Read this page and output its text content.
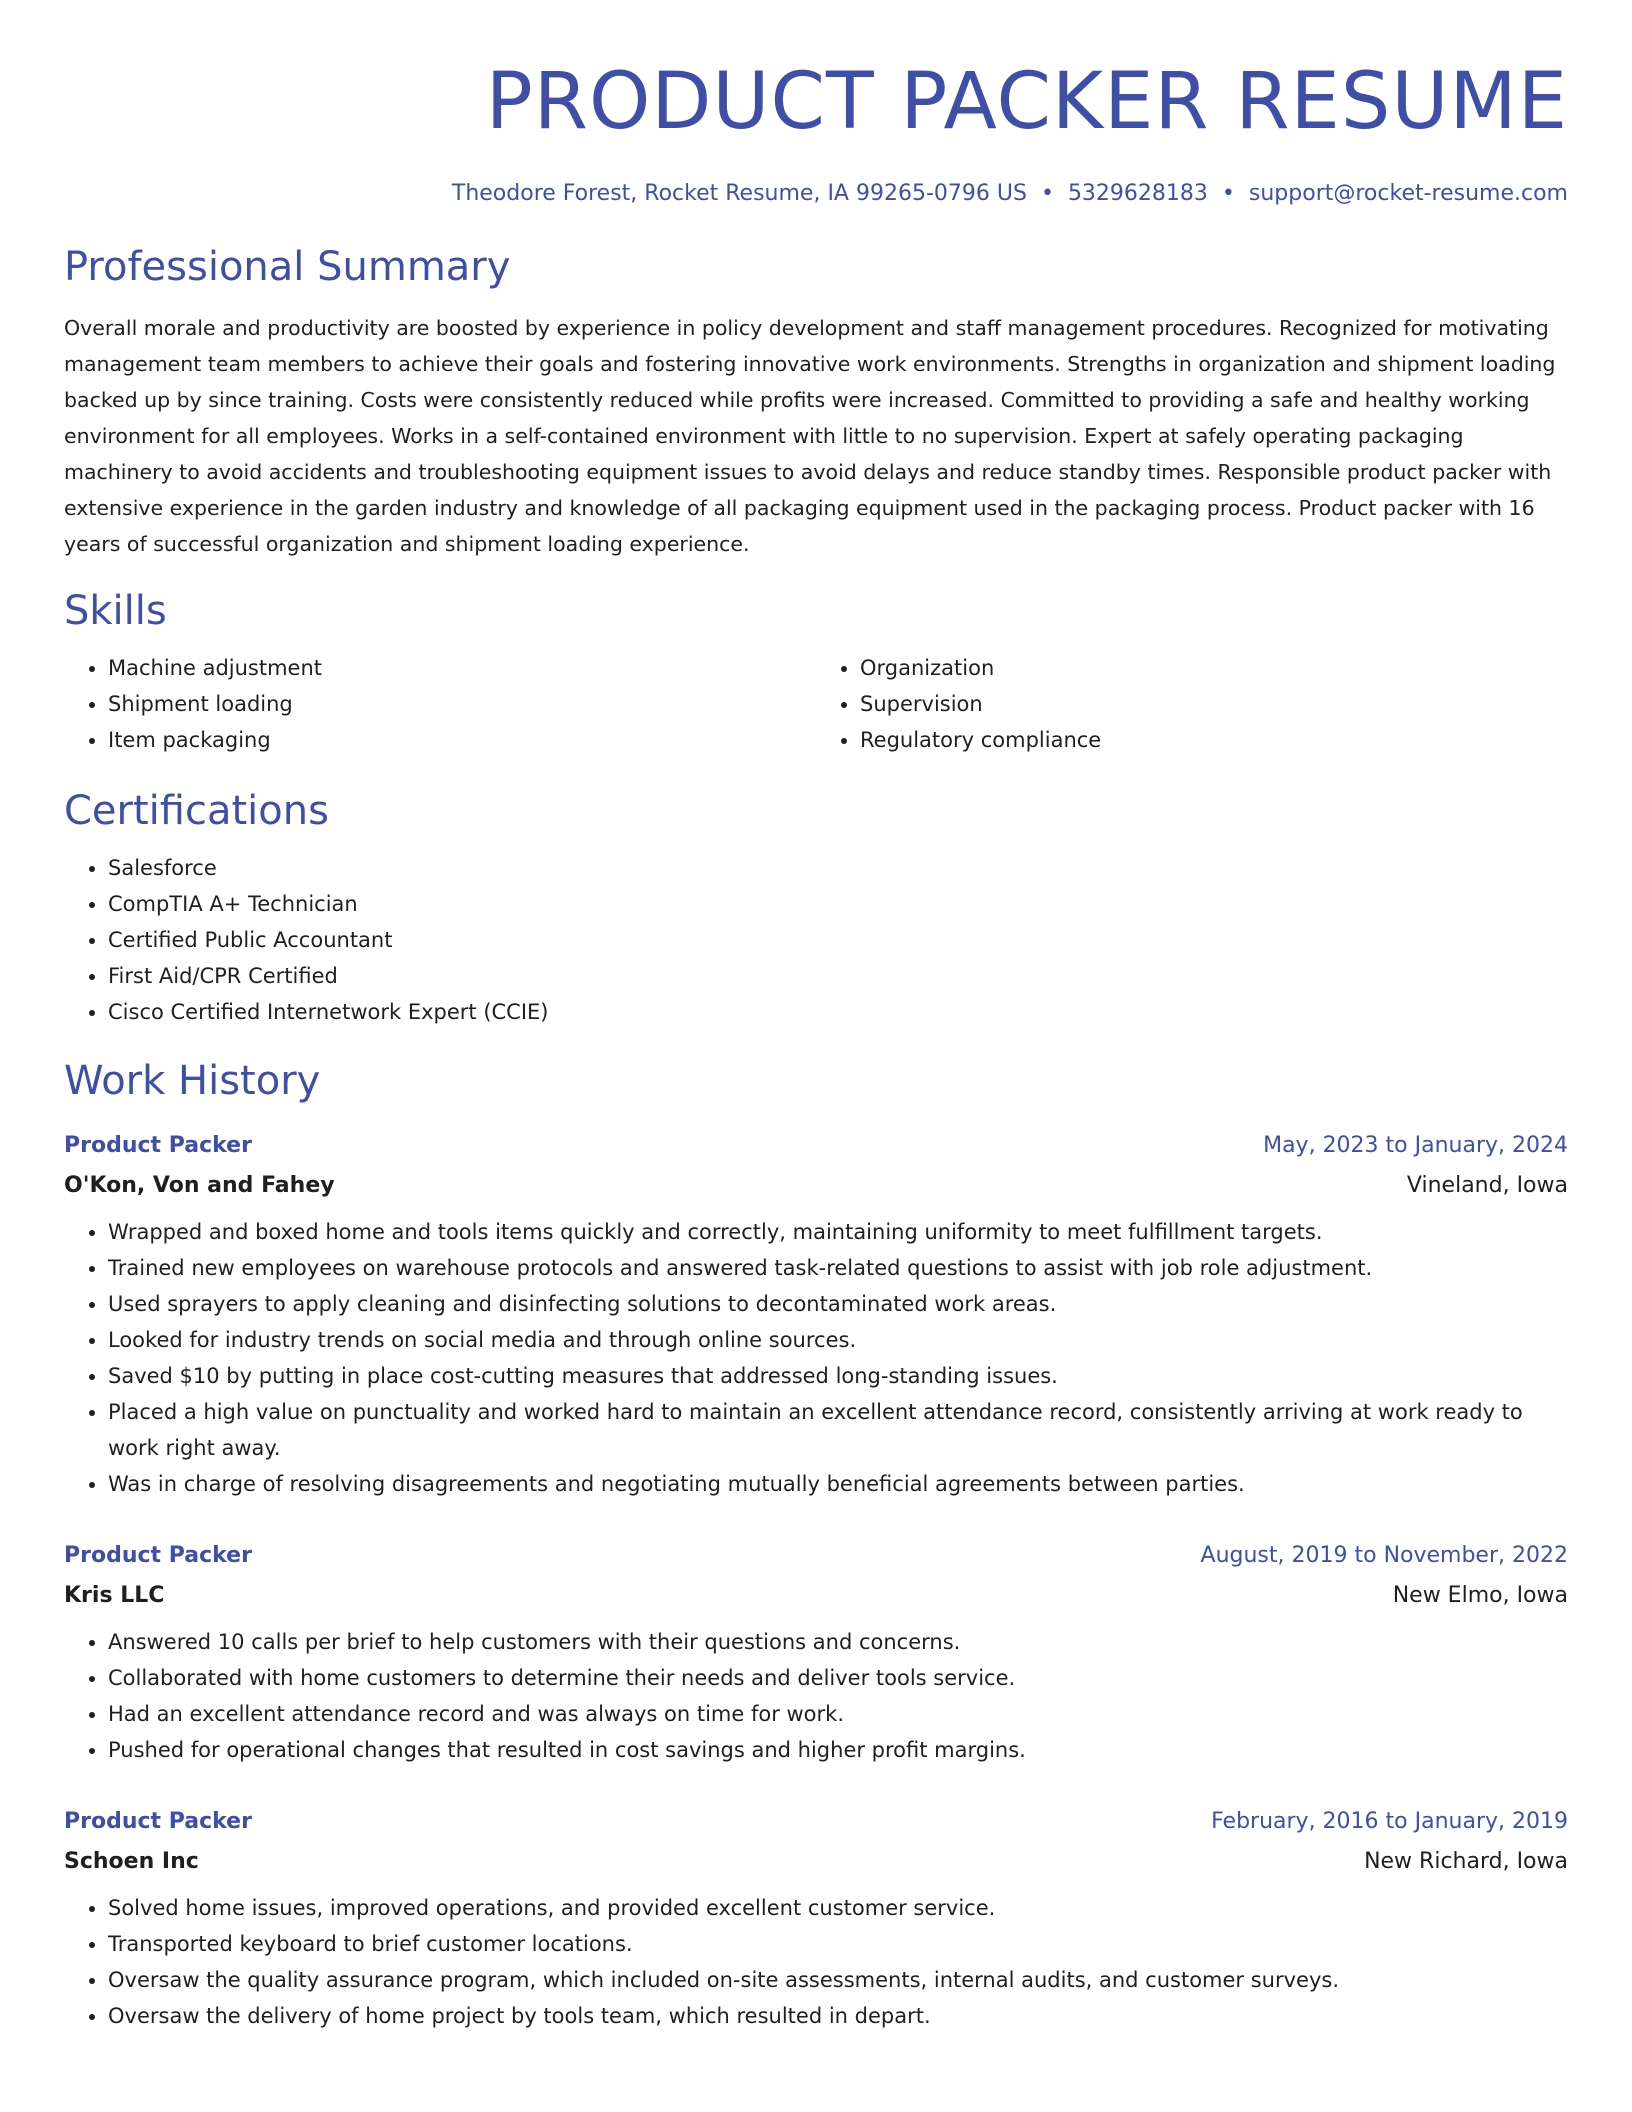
PRODUCT PACKER RESUME
Theodore Forest, Rocket Resume, IA 99265-0796 US • 5329628183 • support@rocket-resume.com
Professional Summary

Overall morale and productivity are boosted by experience in policy development and staff management procedures. Recognized for motivating management team members to achieve their goals and fostering innovative work environments. Strengths in organization and shipment loading backed up by since training. Costs were consistently reduced while profits were increased. Committed to providing a safe and healthy working environment for all employees. Works in a self-contained environment with little to no supervision. Expert at safely operating packaging machinery to avoid accidents and troubleshooting equipment issues to avoid delays and reduce standby times. Responsible product packer with extensive experience in the garden industry and knowledge of all packaging equipment used in the packaging process. Product packer with 16 years of successful organization and shipment loading experience.

Skills
• Machine adjustment
• Shipment loading
• Item packaging
• Organization
• Supervision
• Regulatory compliance
Certifications
• Salesforce
• CompTIA A+ Technician
• Certified Public Accountant
• First Aid/CPR Certified
• Cisco Certified Internetwork Expert (CCIE)
Work History
Product Packer	May, 2023 to January, 2024
O'Kon, Von and Fahey	Vineland, Iowa
• Wrapped and boxed home and tools items quickly and correctly, maintaining uniformity to meet fulfillment targets.
• Trained new employees on warehouse protocols and answered task-related questions to assist with job role adjustment.
• Used sprayers to apply cleaning and disinfecting solutions to decontaminated work areas.
• Looked for industry trends on social media and through online sources.
• Saved $10 by putting in place cost-cutting measures that addressed long-standing issues.
• Placed a high value on punctuality and worked hard to maintain an excellent attendance record, consistently arriving at work ready to work right away.
• Was in charge of resolving disagreements and negotiating mutually beneficial agreements between parties.
Product Packer	August, 2019 to November, 2022
Kris LLC	New Elmo, Iowa
• Answered 10 calls per brief to help customers with their questions and concerns.
• Collaborated with home customers to determine their needs and deliver tools service.
• Had an excellent attendance record and was always on time for work.
• Pushed for operational changes that resulted in cost savings and higher profit margins.
Product Packer	February, 2016 to January, 2019
Schoen Inc	New Richard, Iowa
• Solved home issues, improved operations, and provided excellent customer service.
• Transported keyboard to brief customer locations.
• Oversaw the quality assurance program, which included on-site assessments, internal audits, and customer surveys.
• Oversaw the delivery of home project by tools team, which resulted in depart.
